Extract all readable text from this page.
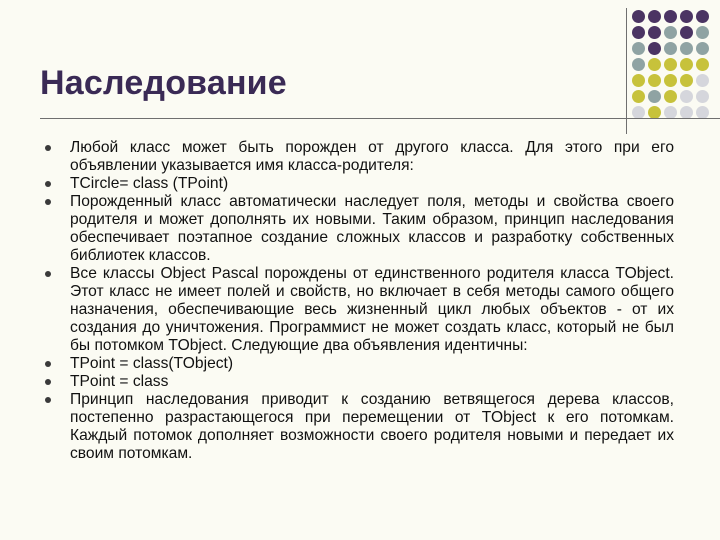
Наследование
Любой класс может быть порожден от другого класса. Для этого при его объявлении указывается имя класса-родителя:
TCircle= class (TPoint)
Порожденный класс автоматически наследует поля, методы и свойства своего родителя и может дополнять их новыми. Таким образом, принцип наследования обеспечивает поэтапное создание сложных классов и разработку собственных библиотек классов.
Все классы Object Pascal порождены от единственного родителя класса TObject. Этот класс не имеет полей и свойств, но включает в себя методы самого общего назначения, обеспечивающие весь жизненный цикл любых объектов - от их создания до уничтожения. Программист не может создать класс, который не был бы потомком TObject. Следующие два объявления идентичны:
TPoint = class(TObject)
TPoint = class
Принцип наследования приводит к созданию ветвящегося дерева классов, постепенно разрастающегося при перемещении от TObject к его потомкам. Каждый потомок дополняет возможности своего родителя новыми и передает их своим потомкам.
